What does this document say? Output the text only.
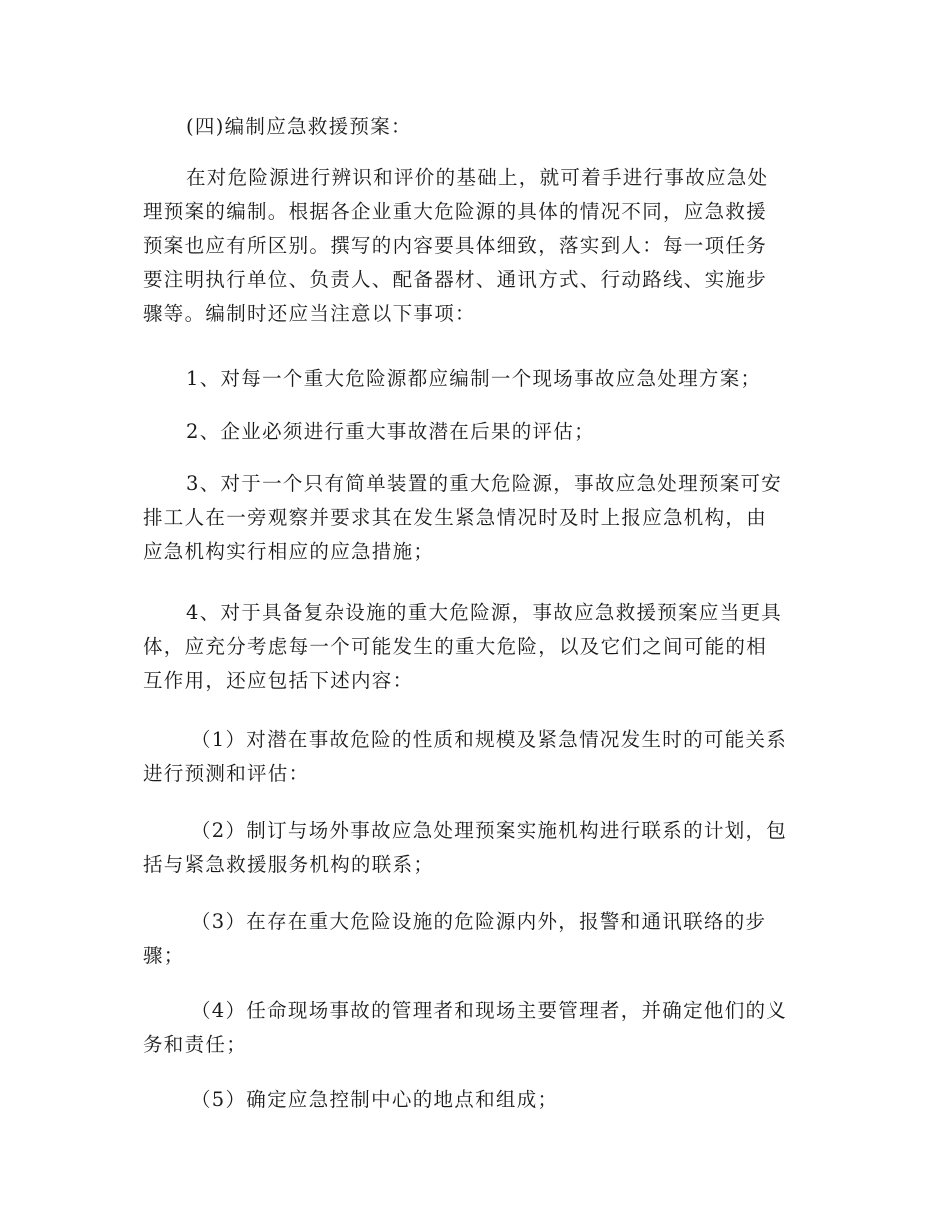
(四)编制应急救援预案：
在对危险源进行辨识和评价的基础上，就可着手进行事故应急处
理预案的编制。根据各企业重大危险源的具体的情况不同，应急救援
预案也应有所区别。撰写的内容要具体细致，落实到人：每一项任务
要注明执行单位、负责人、配备器材、通讯方式、行动路线、实施步
骤等。编制时还应当注意以下事项：
1、对每一个重大危险源都应编制一个现场事故应急处理方案；
2、企业必须进行重大事故潜在后果的评估；
3、对于一个只有简单装置的重大危险源，事故应急处理预案可安
排工人在一旁观察并要求其在发生紧急情况时及时上报应急机构，由
应急机构实行相应的应急措施；
4、对于具备复杂设施的重大危险源，事故应急救援预案应当更具
体，应充分考虑每一个可能发生的重大危险，以及它们之间可能的相
互作用，还应包括下述内容：
（1）对潜在事故危险的性质和规模及紧急情况发生时的可能关系
进行预测和评估：
（2）制订与场外事故应急处理预案实施机构进行联系的计划，包
括与紧急救援服务机构的联系；
（3）在存在重大危险设施的危险源内外，报警和通讯联络的步
骤；
（4）任命现场事故的管理者和现场主要管理者，并确定他们的义
务和责任；
（5）确定应急控制中心的地点和组成；
